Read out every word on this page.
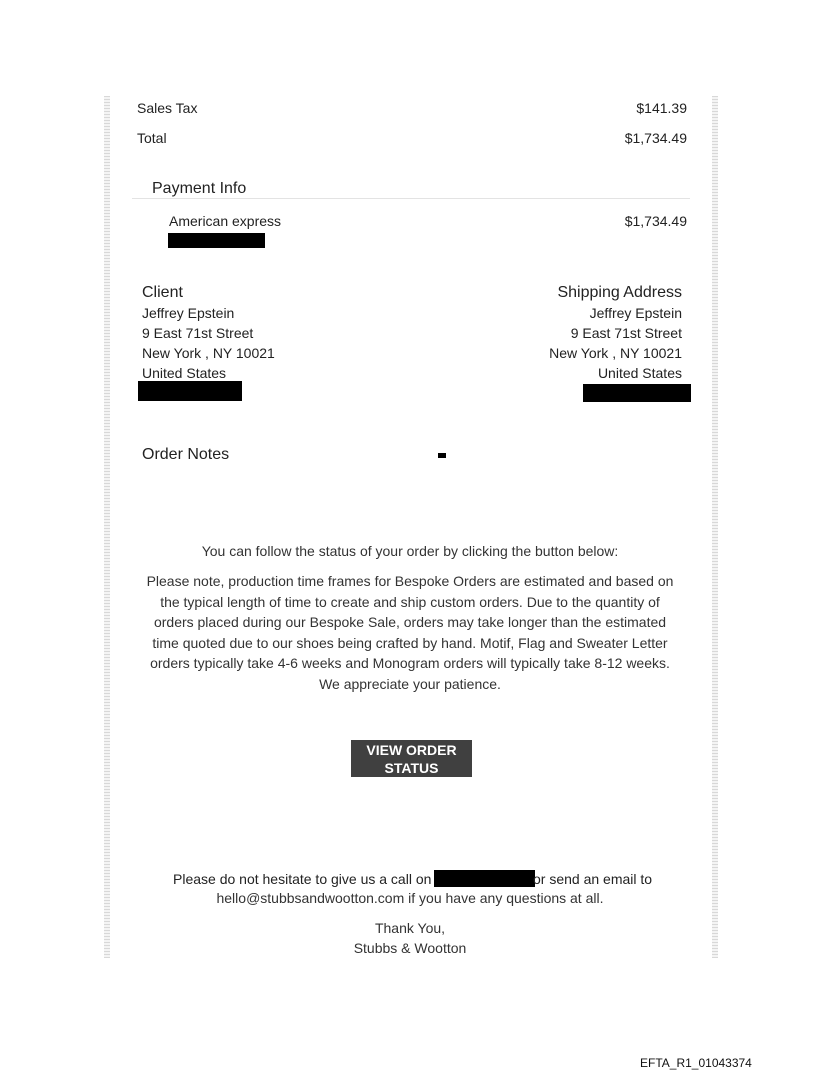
Sales Tax	$141.39
Total	$1,734.49
Payment Info
American express	$1,734.49
Client
Jeffrey Epstein
9 East 71st Street
New York , NY 10021
United States
Shipping Address
Jeffrey Epstein
9 East 71st Street
New York , NY 10021
United States
Order Notes
You can follow the status of your order by clicking the button below:
Please note, production time frames for Bespoke Orders are estimated and based on the typical length of time to create and ship custom orders. Due to the quantity of orders placed during our Bespoke Sale, orders may take longer than the estimated time quoted due to our shoes being crafted by hand. Motif, Flag and Sweater Letter orders typically take 4-6 weeks and Monogram orders will typically take 8-12 weeks. We appreciate your patience.
VIEW ORDER STATUS
Please do not hesitate to give us a call on	or send an email to
hello@stubbsandwootton.com if you have any questions at all.
Thank You,
Stubbs & Wootton
EFTA_R1_01043374
